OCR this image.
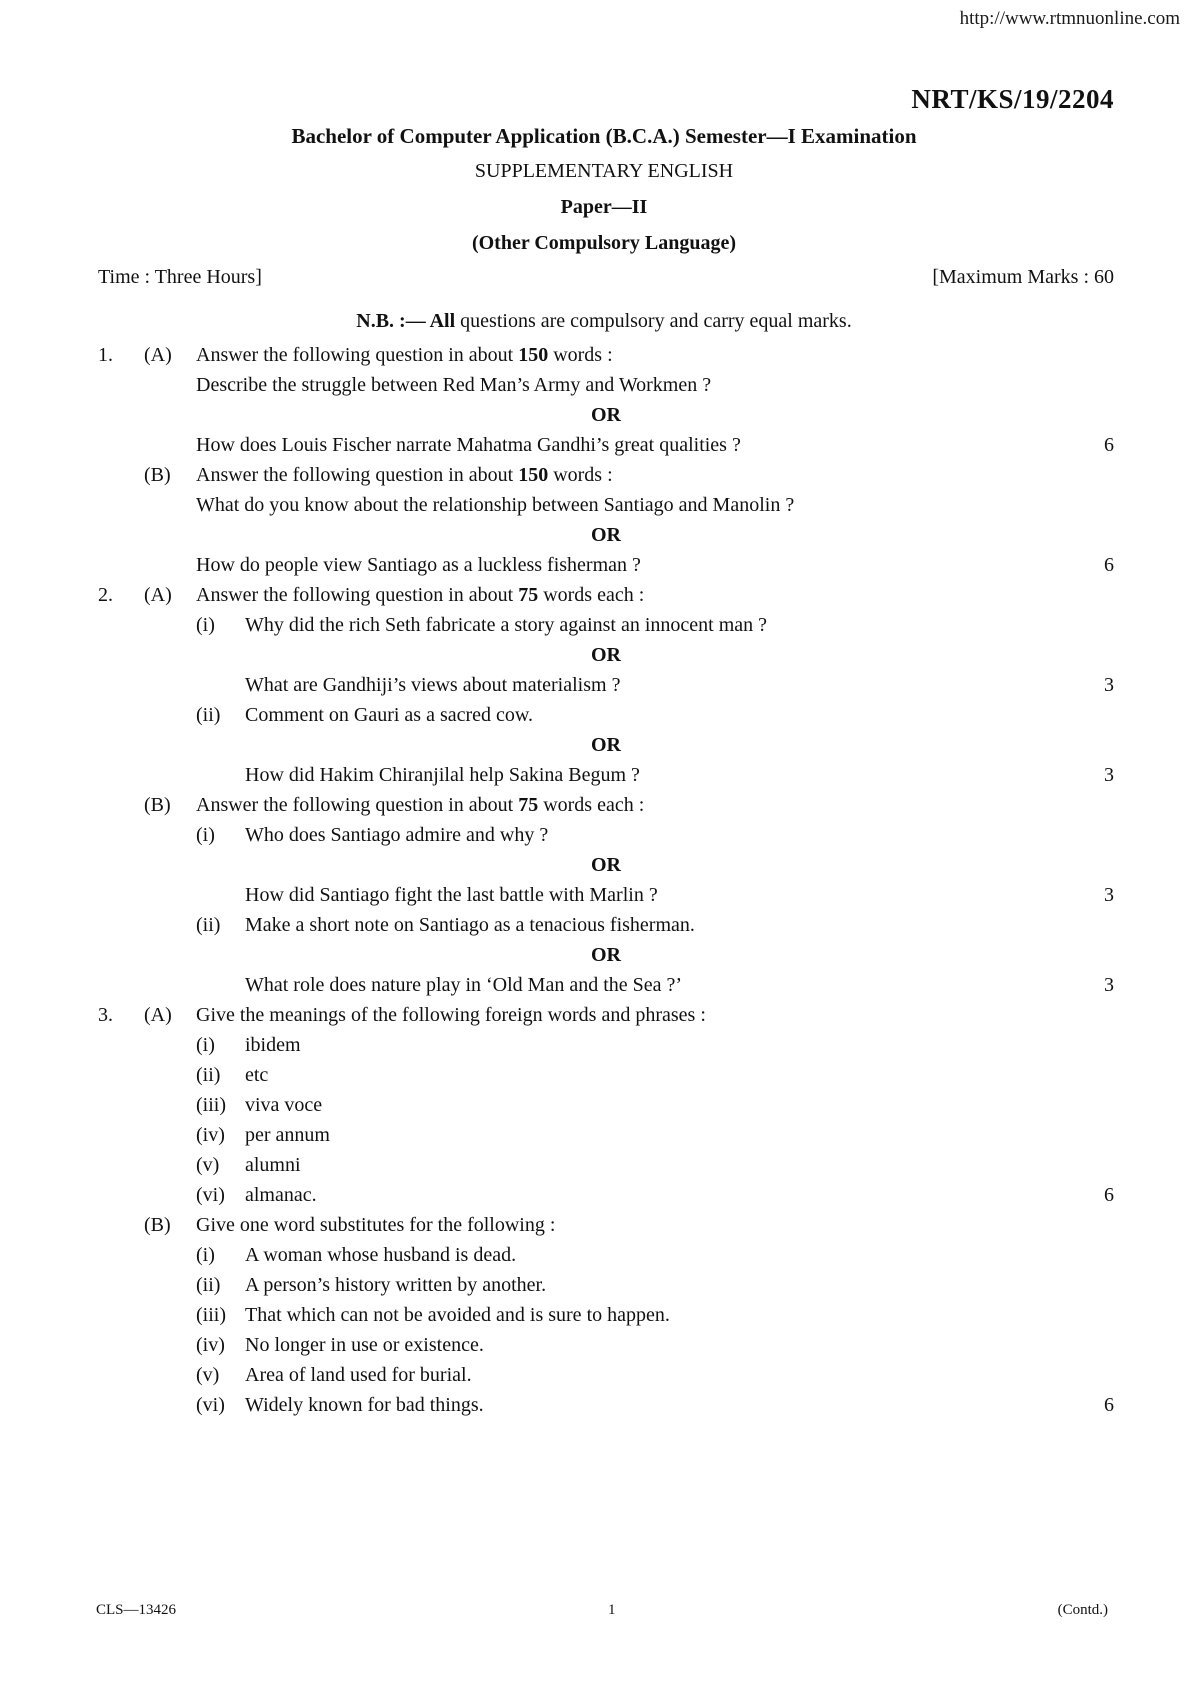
http://www.rtmnuonline.com
NRT/KS/19/2204
Bachelor of Computer Application (B.C.A.) Semester—I Examination
SUPPLEMENTARY ENGLISH
Paper—II
(Other Compulsory Language)
Time : Three Hours]	[Maximum Marks : 60
N.B. :— All questions are compulsory and carry equal marks.
1. (A) Answer the following question in about 150 words :
Describe the struggle between Red Man’s Army and Workmen ?
OR
How does Louis Fischer narrate Mahatma Gandhi’s great qualities ?	6
(B) Answer the following question in about 150 words :
What do you know about the relationship between Santiago and Manolin ?
OR
How do people view Santiago as a luckless fisherman ?	6
2. (A) Answer the following question in about 75 words each :
(i) Why did the rich Seth fabricate a story against an innocent man ?
OR
What are Gandhiji’s views about materialism ?	3
(ii) Comment on Gauri as a sacred cow.
OR
How did Hakim Chiranjilal help Sakina Begum ?	3
(B) Answer the following question in about 75 words each :
(i) Who does Santiago admire and why ?
OR
How did Santiago fight the last battle with Marlin ?	3
(ii) Make a short note on Santiago as a tenacious fisherman.
OR
What role does nature play in ‘Old Man and the Sea ?’	3
3. (A) Give the meanings of the following foreign words and phrases :
(i) ibidem
(ii) etc
(iii) viva voce
(iv) per annum
(v) alumni
(vi) almanac.	6
(B) Give one word substitutes for the following :
(i) A woman whose husband is dead.
(ii) A person’s history written by another.
(iii) That which can not be avoided and is sure to happen.
(iv) No longer in use or existence.
(v) Area of land used for burial.
(vi) Widely known for bad things.	6
CLS—13426	1	(Contd.)
